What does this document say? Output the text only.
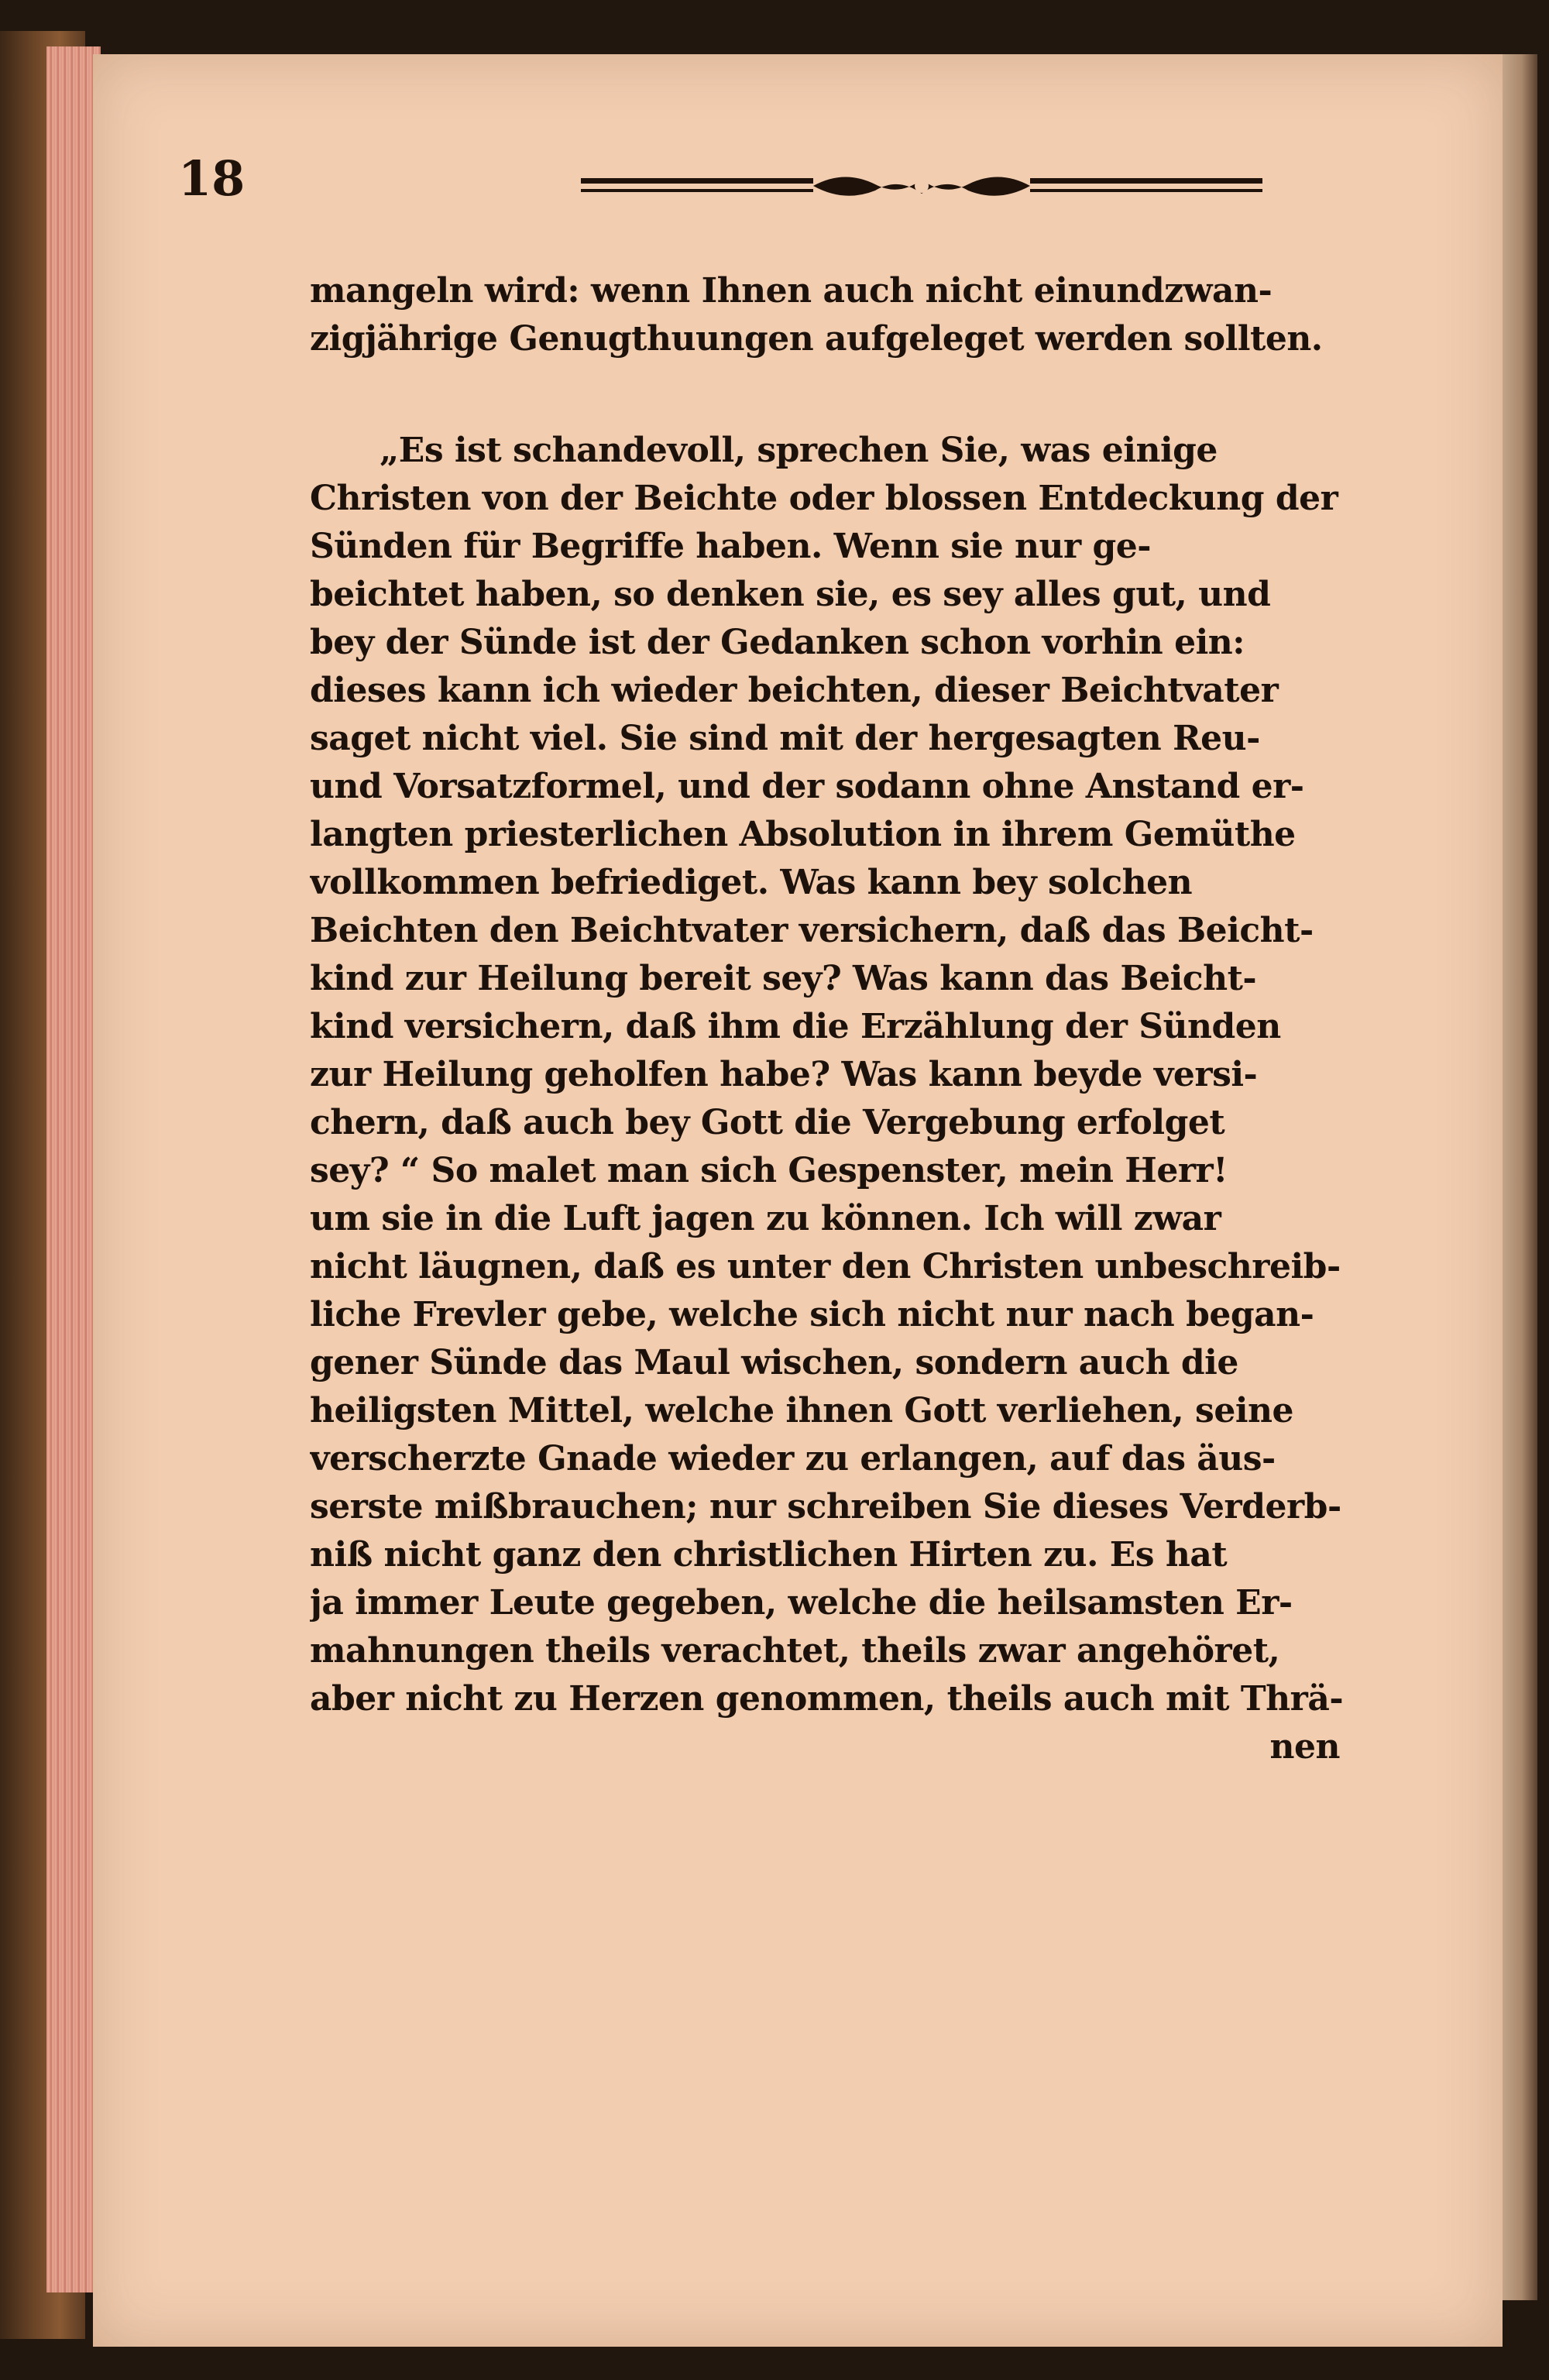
18
mangeln wird: wenn Ihnen auch nicht einundzwan-
zigjährige Genugthuungen aufgeleget werden sollten.
„Es ist schandevoll, sprechen Sie, was einige
Christen von der Beichte oder blossen Entdeckung der
Sünden für Begriffe haben. Wenn sie nur ge-
beichtet haben, so denken sie, es sey alles gut, und
bey der Sünde ist der Gedanken schon vorhin ein:
dieses kann ich wieder beichten, dieser Beichtvater
saget nicht viel. Sie sind mit der hergesagten Reu-
und Vorsatzformel, und der sodann ohne Anstand er-
langten priesterlichen Absolution in ihrem Gemüthe
vollkommen befriediget. Was kann bey solchen
Beichten den Beichtvater versichern, daß das Beicht-
kind zur Heilung bereit sey? Was kann das Beicht-
kind versichern, daß ihm die Erzählung der Sünden
zur Heilung geholfen habe? Was kann beyde versi-
chern, daß auch bey Gott die Vergebung erfolget
sey? “ So malet man sich Gespenster, mein Herr!
um sie in die Luft jagen zu können. Ich will zwar
nicht läugnen, daß es unter den Christen unbeschreib-
liche Frevler gebe, welche sich nicht nur nach began-
gener Sünde das Maul wischen, sondern auch die
heiligsten Mittel, welche ihnen Gott verliehen, seine
verscherzte Gnade wieder zu erlangen, auf das äus-
serste mißbrauchen; nur schreiben Sie dieses Verderb-
niß nicht ganz den christlichen Hirten zu. Es hat
ja immer Leute gegeben, welche die heilsamsten Er-
mahnungen theils verachtet, theils zwar angehöret,
aber nicht zu Herzen genommen, theils auch mit Thrä-
nen
